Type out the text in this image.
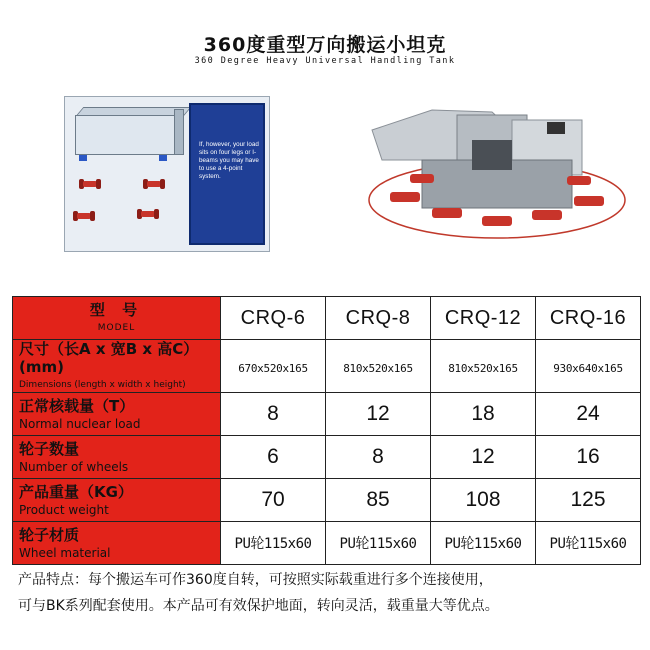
360度重型万向搬运小坦克
360 Degree Heavy Universal Handling Tank
If, however, your load sits on four legs or I-beams you may have to use a 4-point system.
型 号
MODEL	CRQ-6	CRQ-8	CRQ-12	CRQ-16

尺寸（长A x 宽B x 高C）(mm)
Dimensions (length x width x height)	670x520x165	810x520x165	810x520x165	930x640x165

正常核载量（T）
Normal nuclear load	8	12	18	24

轮子数量
Number of wheels	6	8	12	16

产品重量（KG）
Product weight	70	85	108	125

轮子材质
Wheel material	PU轮115x60	PU轮115x60	PU轮115x60	PU轮115x60
产品特点：每个搬运车可作360度自转，可按照实际载重进行多个连接使用，
可与BK系列配套使用。本产品可有效保护地面，转向灵活，载重量大等优点。
